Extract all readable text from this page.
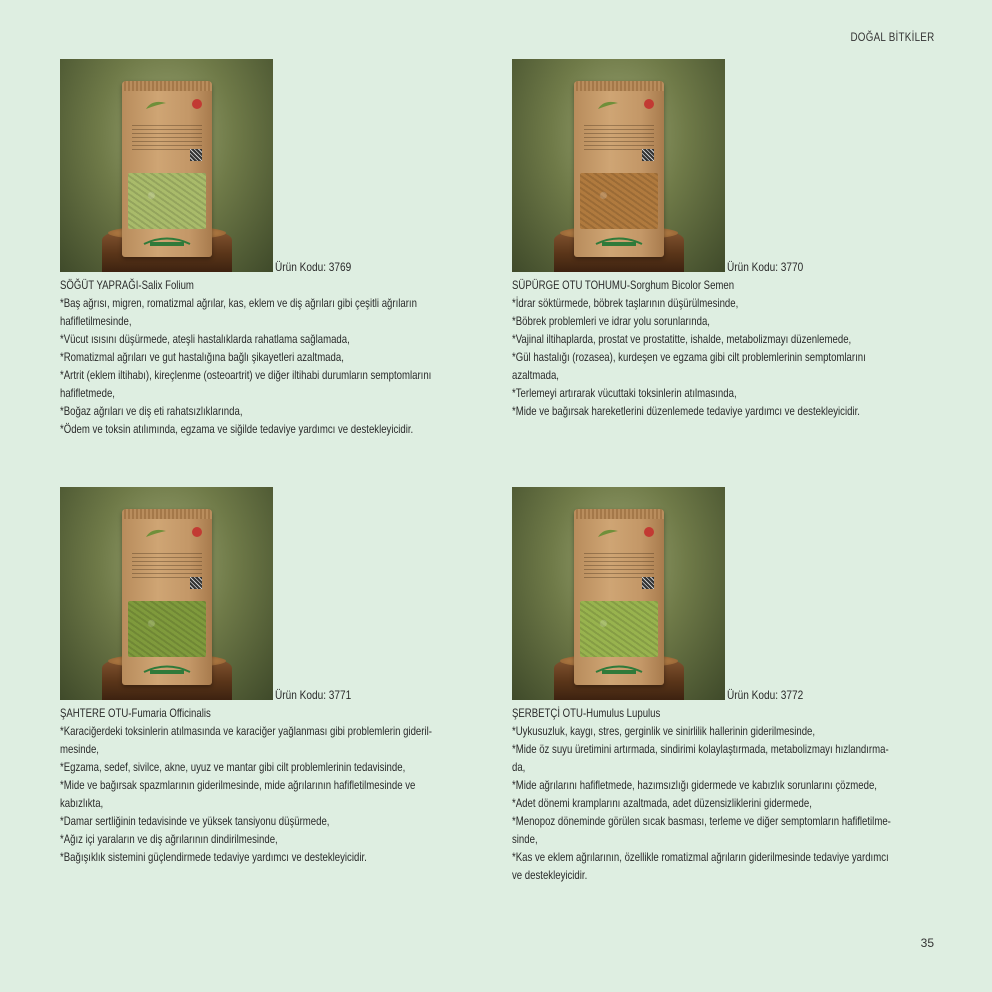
DOĞAL BİTKİLER
Ürün Kodu: 3769

SÖĞÜT YAPRAĞI-Salix Folium

*Baş ağrısı, migren, romatizmal ağrılar, kas, eklem ve diş ağrıları gibi çeşitli ağrıların

hafifletilmesinde,

*Vücut ısısını düşürmede, ateşli hastalıklarda rahatlama sağlamada,

*Romatizmal ağrıları ve gut hastalığına bağlı şikayetleri azaltmada,

*Artrit (eklem iltihabı), kireçlenme (osteoartrit) ve diğer iltihabi durumların semptomlarını

hafifletmede,

*Boğaz ağrıları ve diş eti rahatsızlıklarında,

*Ödem ve toksin atılımında, egzama ve siğilde tedaviye yardımcı ve destekleyicidir.

Ürün Kodu: 3770

SÜPÜRGE OTU TOHUMU-Sorghum Bicolor Semen

*İdrar söktürmede, böbrek taşlarının düşürülmesinde,

*Böbrek problemleri ve idrar yolu sorunlarında,

*Vajinal iltihaplarda, prostat ve prostatitte, ishalde, metabolizmayı düzenlemede,

*Gül hastalığı (rozasea), kurdeşen ve egzama gibi cilt problemlerinin semptomlarını

azaltmada,

*Terlemeyi artırarak vücuttaki toksinlerin atılmasında,

*Mide ve bağırsak hareketlerini düzenlemede tedaviye yardımcı ve destekleyicidir.

Ürün Kodu: 3771

ŞAHTERE OTU-Fumaria Officinalis

*Karaciğerdeki toksinlerin atılmasında ve karaciğer yağlanması gibi problemlerin gideril-

mesinde,

*Egzama, sedef, sivilce, akne, uyuz ve mantar gibi cilt problemlerinin tedavisinde,

*Mide ve bağırsak spazmlarının giderilmesinde, mide ağrılarının hafifletilmesinde ve

kabızlıkta,

*Damar sertliğinin tedavisinde ve yüksek tansiyonu düşürmede,

*Ağız içi yaraların ve diş ağrılarının dindirilmesinde,

*Bağışıklık sistemini güçlendirmede tedaviye yardımcı ve destekleyicidir.

Ürün Kodu: 3772

ŞERBETÇİ OTU-Humulus Lupulus

*Uykusuzluk, kaygı, stres, gerginlik ve sinirlilik hallerinin giderilmesinde,

*Mide öz suyu üretimini artırmada, sindirimi kolaylaştırmada, metabolizmayı hızlandırma-

da,

*Mide ağrılarını hafifletmede, hazımsızlığı gidermede ve kabızlık sorunlarını çözmede,

*Adet dönemi kramplarını azaltmada, adet düzensizliklerini gidermede,

*Menopoz döneminde görülen sıcak basması, terleme ve diğer semptomların hafifletilme-

sinde,

*Kas ve eklem ağrılarının, özellikle romatizmal ağrıların giderilmesinde tedaviye yardımcı

ve destekleyicidir.

35
